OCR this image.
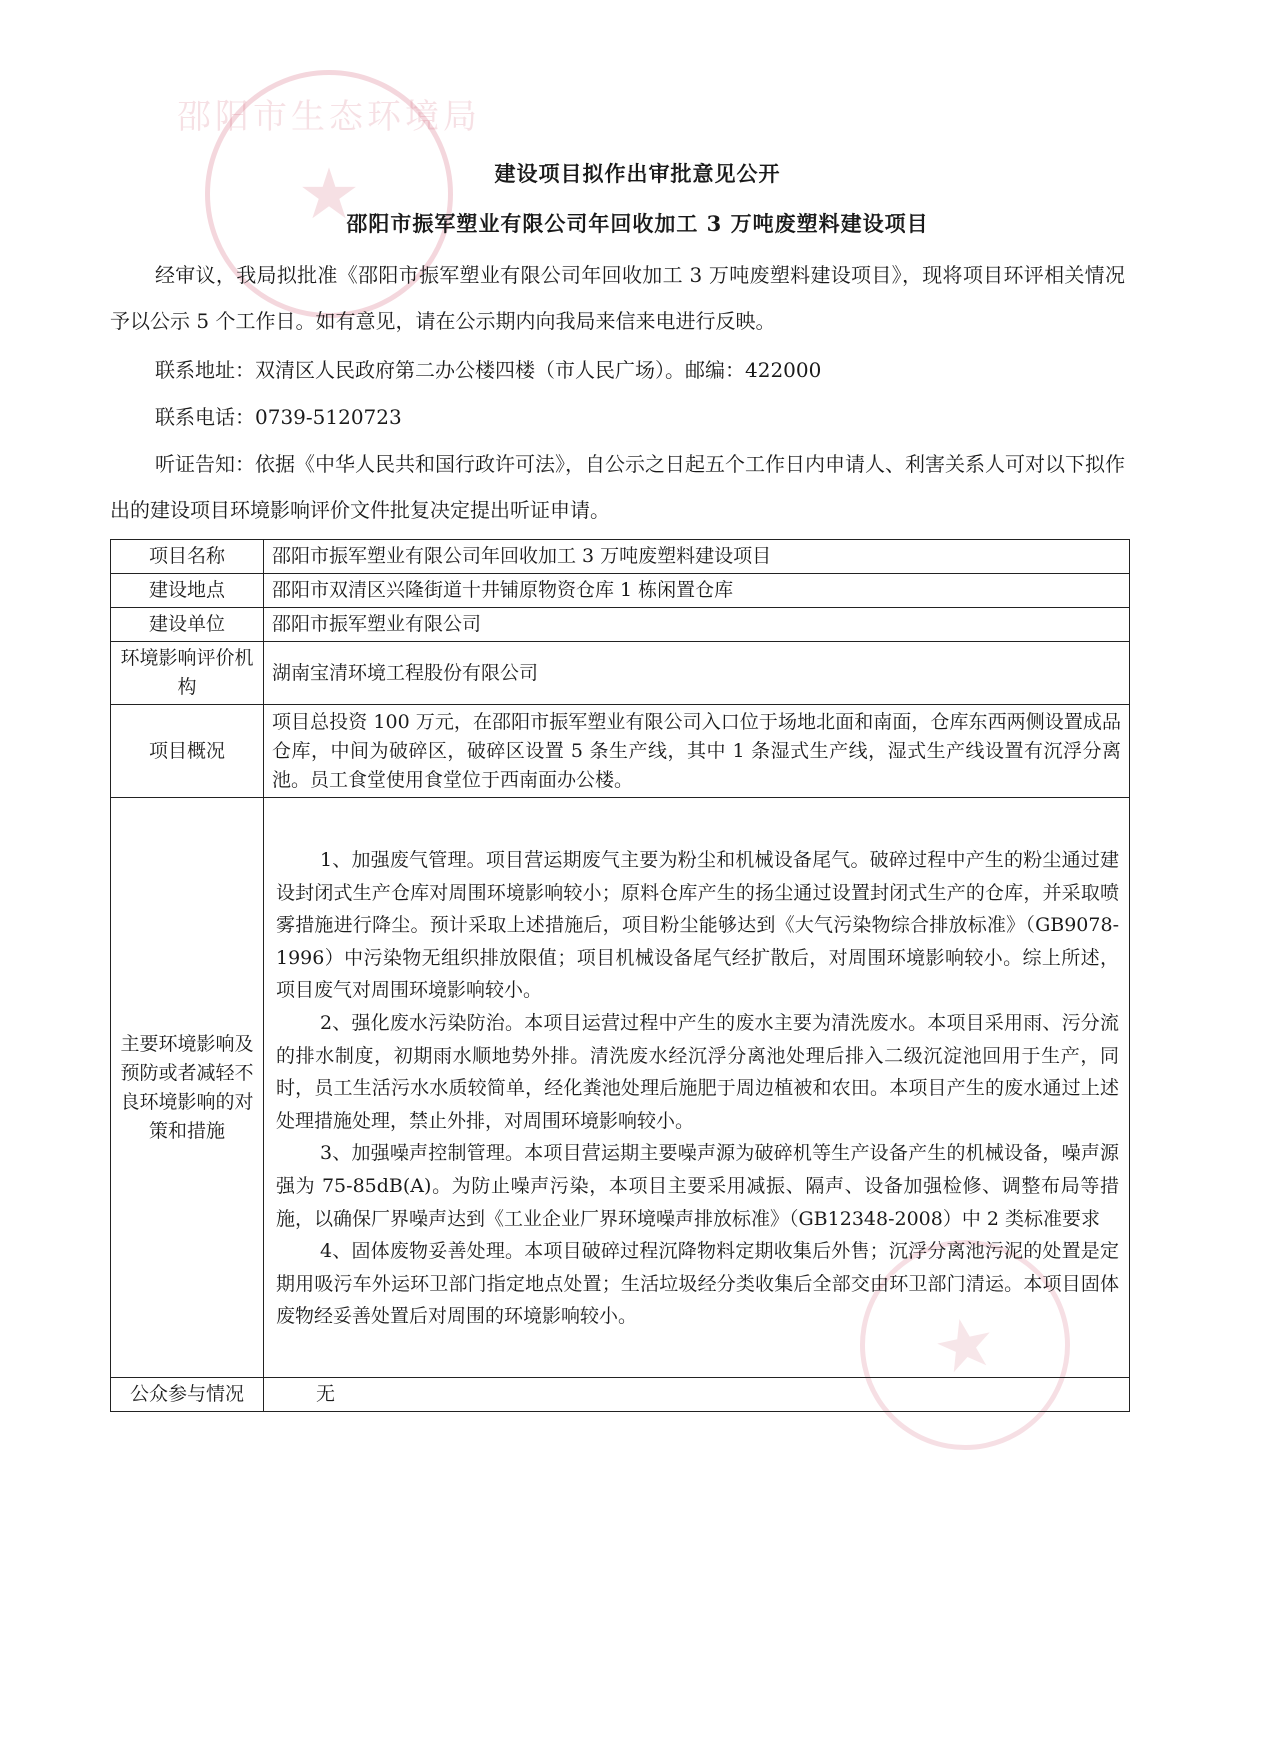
邵阳市生态环境局
★
★
建设项目拟作出审批意见公开
邵阳市振军塑业有限公司年回收加工 3 万吨废塑料建设项目

经审议，我局拟批准《邵阳市振军塑业有限公司年回收加工 3 万吨废塑料建设项目》，现将项目环评相关情况予以公示 5 个工作日。如有意见，请在公示期内向我局来信来电进行反映。

联系地址：双清区人民政府第二办公楼四楼（市人民广场）。邮编：422000

联系电话：0739-5120723

听证告知：依据《中华人民共和国行政许可法》，自公示之日起五个工作日内申请人、利害关系人可对以下拟作出的建设项目环境影响评价文件批复决定提出听证申请。

项目名称	邵阳市振军塑业有限公司年回收加工 3 万吨废塑料建设项目
建设地点	邵阳市双清区兴隆街道十井铺原物资仓库 1 栋闲置仓库
建设单位	邵阳市振军塑业有限公司
环境影响评价机构	湖南宝清环境工程股份有限公司
项目概况	项目总投资 100 万元，在邵阳市振军塑业有限公司入口位于场地北面和南面，仓库东西两侧设置成品仓库，中间为破碎区，破碎区设置 5 条生产线，其中 1 条湿式生产线，湿式生产线设置有沉浮分离池。员工食堂使用食堂位于西南面办公楼。
主要环境影响及预防或者减轻不良环境影响的对策和措施	1、加强废气管理。项目营运期废气主要为粉尘和机械设备尾气。破碎过程中产生的粉尘通过建设封闭式生产仓库对周围环境影响较小；原料仓库产生的扬尘通过设置封闭式生产的仓库，并采取喷雾措施进行降尘。预计采取上述措施后，项目粉尘能够达到《大气污染物综合排放标准》（GB9078-1996）中污染物无组织排放限值；项目机械设备尾气经扩散后，对周围环境影响较小。综上所述，项目废气对周围环境影响较小。

2、强化废水污染防治。本项目运营过程中产生的废水主要为清洗废水。本项目采用雨、污分流的排水制度，初期雨水顺地势外排。清洗废水经沉浮分离池处理后排入二级沉淀池回用于生产，同时，员工生活污水水质较简单，经化粪池处理后施肥于周边植被和农田。本项目产生的废水通过上述处理措施处理，禁止外排，对周围环境影响较小。

3、加强噪声控制管理。本项目营运期主要噪声源为破碎机等生产设备产生的机械设备，噪声源强为 75-85dB(A)。为防止噪声污染，本项目主要采用减振、隔声、设备加强检修、调整布局等措施，以确保厂界噪声达到《工业企业厂界环境噪声排放标准》（GB12348-2008）中 2 类标准要求

4、固体废物妥善处理。本项目破碎过程沉降物料定期收集后外售；沉浮分离池污泥的处置是定期用吸污车外运环卫部门指定地点处置；生活垃圾经分类收集后全部交由环卫部门清运。本项目固体废物经妥善处置后对周围的环境影响较小。

公众参与情况	无
